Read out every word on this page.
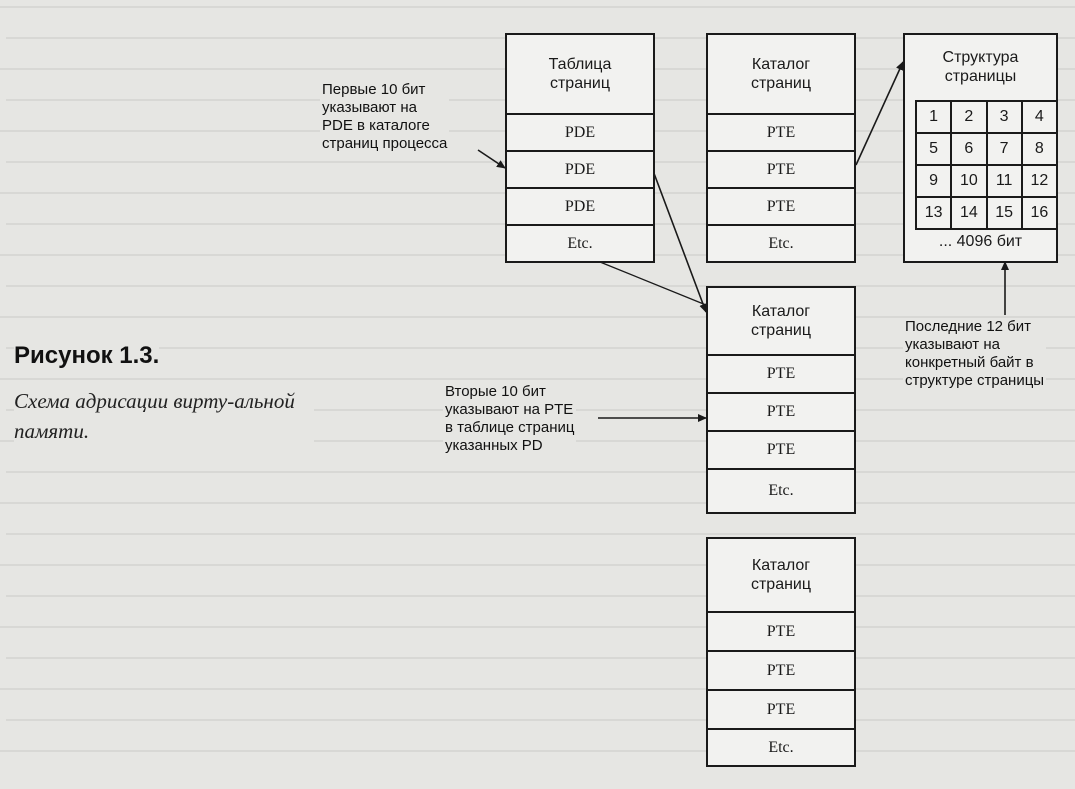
Первые 10 бит
указывают на
PDE в каталоге
страниц процесса
Таблица
страниц
PDE
PDE
PDE
Etc.
Каталог
страниц
PTE
PTE
PTE
Etc.
Структура
страницы
1	2	3	4
5	6	7	8
9	10	11	12
13	14	15	16
... 4096 бит
Последние 12 бит
указывают на
конкретный байт в
структуре страницы
Каталог
страниц
PTE
PTE
PTE
Etc.
Вторые 10 бит
указывают на PTE
в таблице страниц
указанных PD
Рисунок 1.3.
Схема адрисации вирту-альной памяти.
Каталог
страниц
PTE
PTE
PTE
Etc.
